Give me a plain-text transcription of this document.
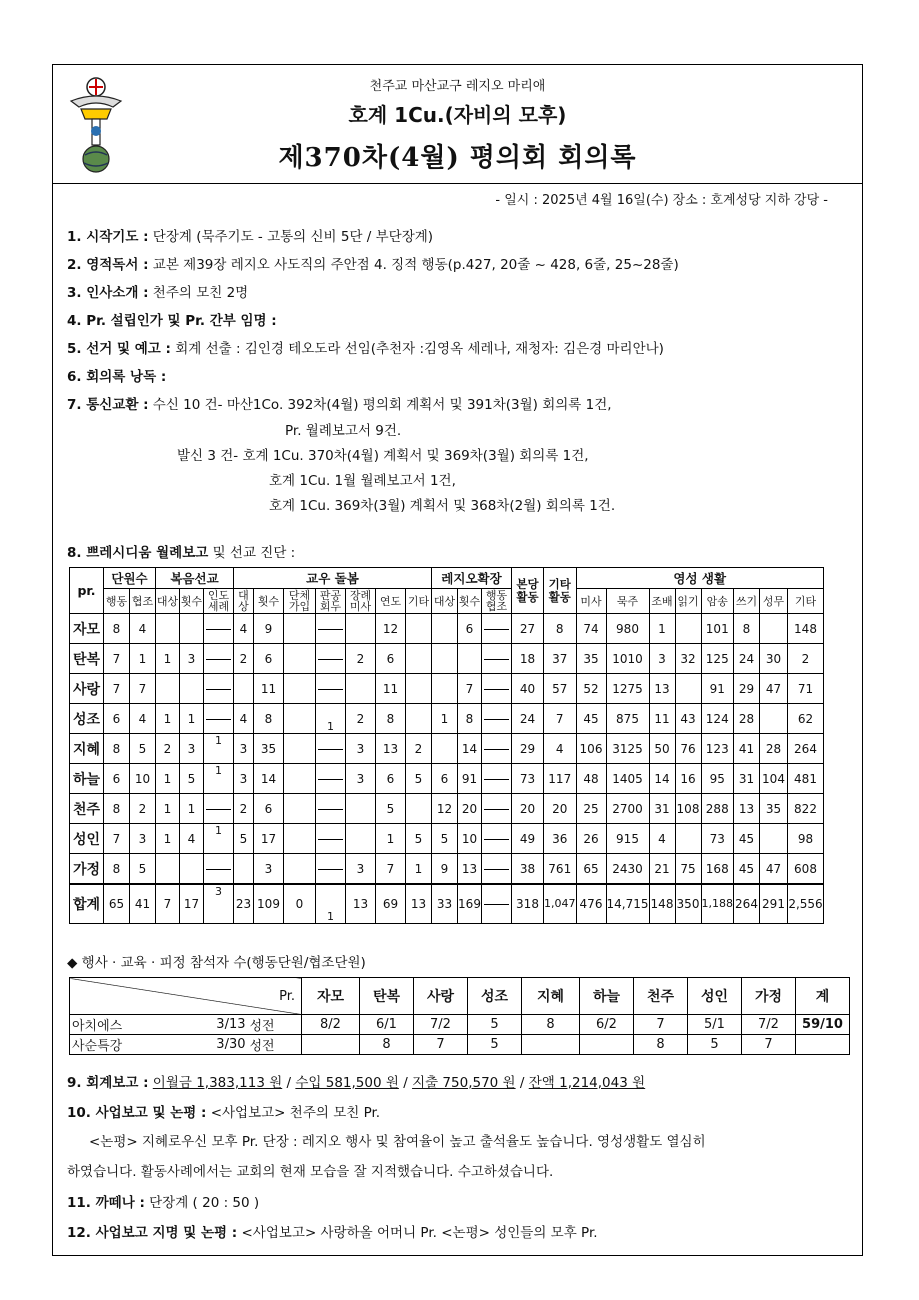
천주교 마산교구 레지오 마리애
호계 1Cu.(자비의 모후)
제370차(4월) 평의회 회의록
- 일시 : 2025년 4월 16일(수) 장소 : 호계성당 지하 강당 -
1. 시작기도 : 단장계 (묵주기도 - 고통의 신비 5단 / 부단장계)
2. 영적독서 : 교본 제39장 레지오 사도직의 주안점 4. 징적 행동(p.427, 20줄 ~ 428, 6줄, 25~28줄)
3. 인사소개 : 천주의 모친 2명
4. Pr. 설립인가 및 Pr. 간부 임명 :
5. 선거 및 예고 : 회계 선출 : 김인경 테오도라 선임(추천자 :김영옥 세레나, 재청자: 김은경 마리안나)
6. 회의록 낭독 :
7. 통신교환 : 수신 10 건- 마산1Co. 392차(4월) 평의회 계획서 및 391차(3월) 회의록 1건,
Pr. 월례보고서 9건.
발신 3 건- 호계 1Cu. 370차(4월) 계획서 및 369차(3월) 회의록 1건,
호계 1Cu. 1월 월례보고서 1건,
호계 1Cu. 369차(3월) 계획서 및 368차(2월) 회의록 1건.
8. 쁘레시디움 월례보고 및 선교 진단 :
pr.	단원수		복음선교			교우 돌봄							레지오확장			본당활동	기타활동	영성 생활							
	행동	협조	대상	횟수	인도세례	대상	횟수	단체가입	판공회두	장례미사	연도	기타	대상	횟수	행동협조			미사	묵주	조배	읽기	암송	쓰기	성무	기타
자모	8	4				4	9				12			6		27	8	74	980	1		101	8		148
탄복	7	1	1	3		2	6			2	6					18	37	35	1010	3	32	125	24	30	2
사랑	7	7					11				11			7		40	57	52	1275	13		91	29	47	71
성조	6	4	1	1		4	8		1	2	8		1	8		24	7	45	875	11	43	124	28		62
지혜	8	5	2	3	1	3	35			3	13	2		14		29	4	106	3125	50	76	123	41	28	264
하늘	6	10	1	5	1	3	14			3	6	5	6	91		73	117	48	1405	14	16	95	31	104	481
천주	8	2	1	1		2	6				5		12	20		20	20	25	2700	31	108	288	13	35	822
성인	7	3	1	4	1	5	17				1	5	5	10		49	36	26	915	4		73	45		98
가정	8	5					3			3	7	1	9	13		38	761	65	2430	21	75	168	45	47	608
합계	65	41	7	17	3	23	109	0	1	13	69	13	33	169		318	1,047	476	14,715	148	350	1,188	264	291	2,556
◆ 행사 · 교육 · 피정 참석자 수(행동단원/협조단원)
Pr.			자모	탄복	사랑	성조	지혜	하늘	천주	성인	가정	계
아치에스	3/13	성전	8/2	6/1	7/2	5	8	6/2	7	5/1	7/2	59/10
사순특강	3/30	성전		8	7	5			8	5	7	
9. 회계보고 : 이월금 1,383,113 원 / 수입 581,500 원 / 지출 750,570 원 / 잔액 1,214,043 원
10. 사업보고 및 논평 : <사업보고> 천주의 모친 Pr.
<논평> 지혜로우신 모후 Pr. 단장 : 레지오 행사 및 참여율이 높고 출석율도 높습니다. 영성생활도 열심히
하였습니다. 활동사례에서는 교회의 현재 모습을 잘 지적했습니다. 수고하셨습니다.
11. 까떼나 : 단장계 ( 20 : 50 )
12. 사업보고 지명 및 논평 : <사업보고> 사랑하올 어머니 Pr. <논평> 성인들의 모후 Pr.
